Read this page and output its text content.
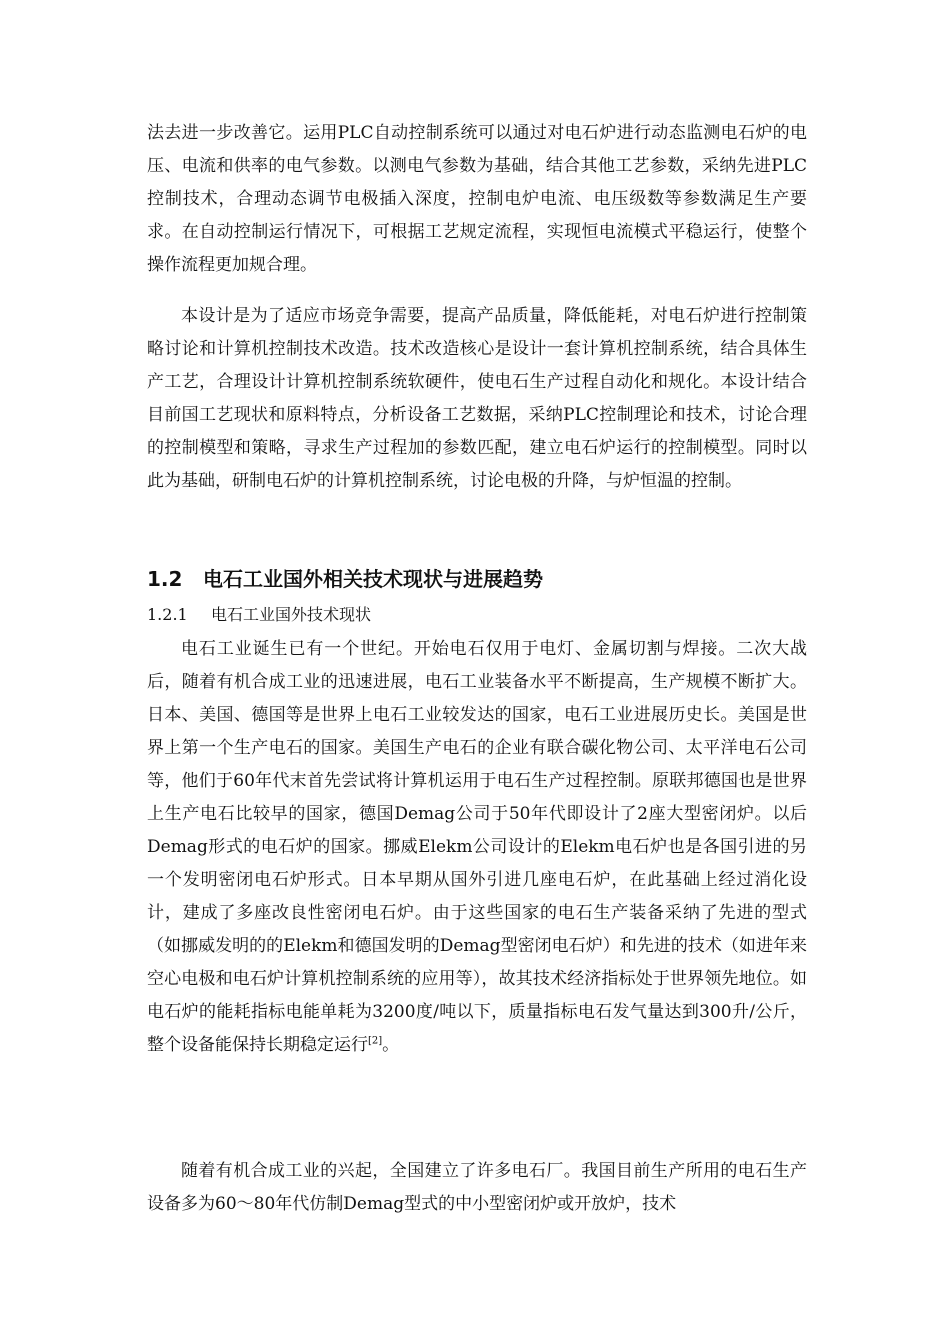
法去进一步改善它。运用PLC自动控制系统可以通过对电石炉进行动态监测电石炉的电压、电流和供率的电气参数。以测电气参数为基础，结合其他工艺参数，采纳先进PLC控制技术，合理动态调节电极插入深度，控制电炉电流、电压级数等参数满足生产要求。在自动控制运行情况下，可根据工艺规定流程，实现恒电流模式平稳运行，使整个操作流程更加规合理。
本设计是为了适应市场竞争需要，提高产品质量，降低能耗，对电石炉进行控制策略讨论和计算机控制技术改造。技术改造核心是设计一套计算机控制系统，结合具体生产工艺，合理设计计算机控制系统软硬件，使电石生产过程自动化和规化。本设计结合目前国工艺现状和原料特点，分析设备工艺数据，采纳PLC控制理论和技术，讨论合理的控制模型和策略，寻求生产过程加的参数匹配，建立电石炉运行的控制模型。同时以此为基础，研制电石炉的计算机控制系统，讨论电极的升降，与炉恒温的控制。
1.2 电石工业国外相关技术现状与进展趋势
1.2.1 电石工业国外技术现状
电石工业诞生已有一个世纪。开始电石仅用于电灯、金属切割与焊接。二次大战后，随着有机合成工业的迅速进展，电石工业装备水平不断提高，生产规模不断扩大。日本、美国、德国等是世界上电石工业较发达的国家，电石工业进展历史长。美国是世界上第一个生产电石的国家。美国生产电石的企业有联合碳化物公司、太平洋电石公司等，他们于60年代末首先尝试将计算机运用于电石生产过程控制。原联邦德国也是世界上生产电石比较早的国家，德国Demag公司于50年代即设计了2座大型密闭炉。以后Demag形式的电石炉的国家。挪威Elekm公司设计的Elekm电石炉也是各国引进的另一个发明密闭电石炉形式。日本早期从国外引进几座电石炉，在此基础上经过消化设计，建成了多座改良性密闭电石炉。由于这些国家的电石生产装备采纳了先进的型式（如挪威发明的的Elekm和德国发明的Demag型密闭电石炉）和先进的技术（如进年来空心电极和电石炉计算机控制系统的应用等），故其技术经济指标处于世界领先地位。如电石炉的能耗指标电能单耗为3200度/吨以下，质量指标电石发气量达到300升/公斤，整个设备能保持长期稳定运行[2]。
随着有机合成工业的兴起，全国建立了许多电石厂。我国目前生产所用的电石生产设备多为60～80年代仿制Demag型式的中小型密闭炉或开放炉，技术
